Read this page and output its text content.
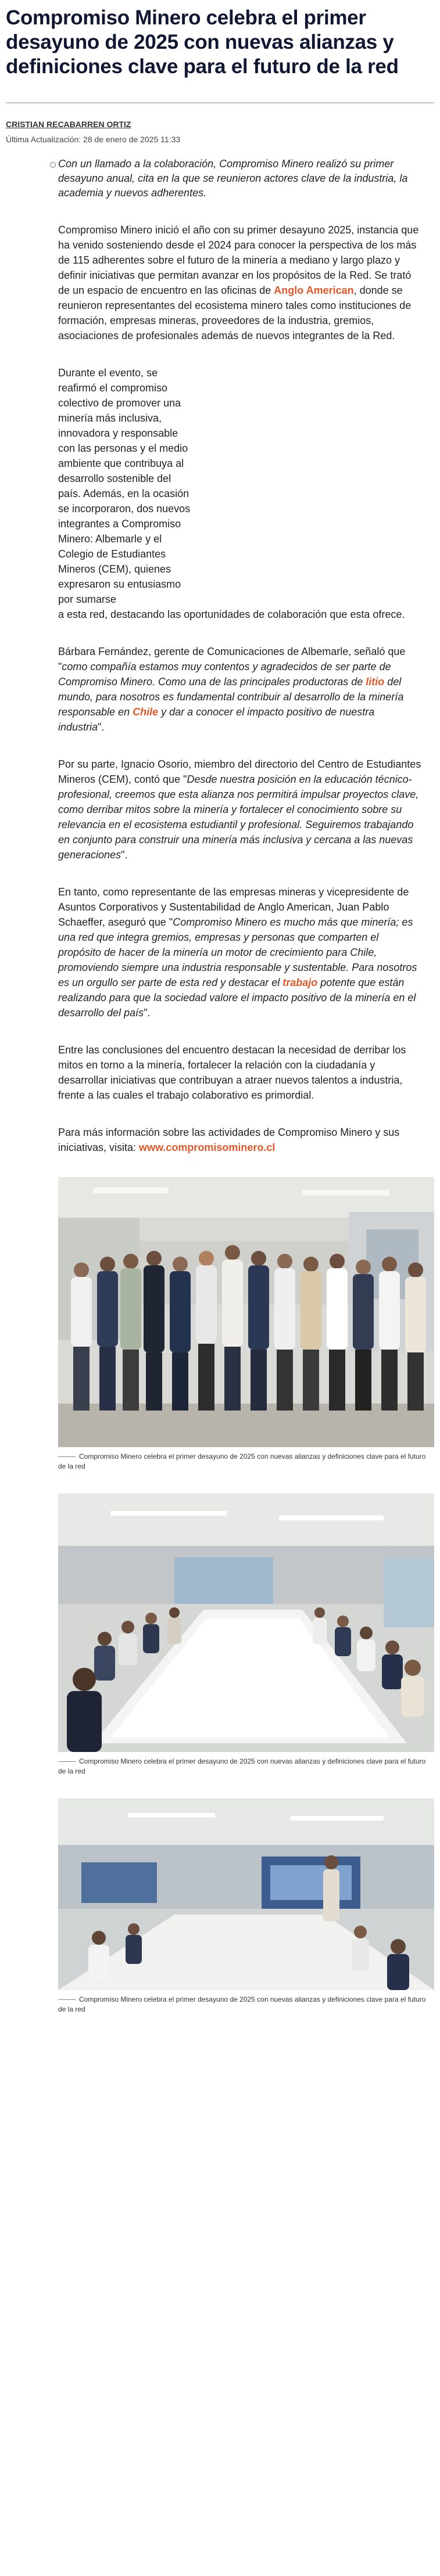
Compromiso Minero celebra el primer desayuno de 2025 con nuevas alianzas y definiciones clave para el futuro de la red
CRISTIAN RECABARREN ORTIZ
Última Actualización: 28 de enero de 2025 11:33
Con un llamado a la colaboración, Compromiso Minero realizó su primer desayuno anual, cita en la que se reunieron actores clave de la industria, la academia y nuevos adherentes.

Compromiso Minero inició el año con su primer desayuno 2025, instancia que ha venido sosteniendo desde el 2024 para conocer la perspectiva de los más de 115 adherentes sobre el futuro de la minería a mediano y largo plazo y definir iniciativas que permitan avanzar en los propósitos de la Red. Se trató de un espacio de encuentro en las oficinas de Anglo American, donde se reunieron representantes del ecosistema minero tales como instituciones de formación, empresas mineras, proveedores de la industria, gremios, asociaciones de profesionales además de nuevos integrantes de la Red.

Durante el evento, se reafirmó el compromiso colectivo de promover una minería más inclusiva, innovadora y responsable con las personas y el medio ambiente que contribuya al desarrollo sostenible del país. Además, en la ocasión se incorporaron, dos nuevos integrantes a Compromiso Minero: Albemarle y el Colegio de Estudiantes Mineros (CEM), quienes expresaron su entusiasmo por sumarse
a esta red, destacando las oportunidades de colaboración que esta ofrece.

Bárbara Fernández, gerente de Comunicaciones de Albemarle, señaló que "como compañía estamos muy contentos y agradecidos de ser parte de Compromiso Minero. Como una de las principales productoras de litio del mundo, para nosotros es fundamental contribuir al desarrollo de la minería responsable en Chile y dar a conocer el impacto positivo de nuestra industria".

Por su parte, Ignacio Osorio, miembro del directorio del Centro de Estudiantes Mineros (CEM), contó que "Desde nuestra posición en la educación técnico-profesional, creemos que esta alianza nos permitirá impulsar proyectos clave, como derribar mitos sobre la minería y fortalecer el conocimiento sobre su relevancia en el ecosistema estudiantil y profesional. Seguiremos trabajando en conjunto para construir una minería más inclusiva y cercana a las nuevas generaciones".

En tanto, como representante de las empresas mineras y vicepresidente de Asuntos Corporativos y Sustentabilidad de Anglo American, Juan Pablo Schaeffer, aseguró que "Compromiso Minero es mucho más que minería; es una red que integra gremios, empresas y personas que comparten el propósito de hacer de la minería un motor de crecimiento para Chile, promoviendo siempre una industria responsable y sustentable. Para nosotros es un orgullo ser parte de esta red y destacar el trabajo potente que están realizando para que la sociedad valore el impacto positivo de la minería en el desarrollo del país".

Entre las conclusiones del encuentro destacan la necesidad de derribar los mitos en torno a la minería, fortalecer la relación con la ciudadanía y desarrollar iniciativas que contribuyan a atraer nuevos talentos a industria, frente a las cuales el trabajo colaborativo es primordial.

Para más información sobre las actividades de Compromiso Minero y sus iniciativas, visita: www.compromisominero.cl

Compromiso Minero celebra el primer desayuno de 2025 con nuevas alianzas y definiciones clave para el futuro de la red
Compromiso Minero celebra el primer desayuno de 2025 con nuevas alianzas y definiciones clave para el futuro de la red
Compromiso Minero celebra el primer desayuno de 2025 con nuevas alianzas y definiciones clave para el futuro de la red
